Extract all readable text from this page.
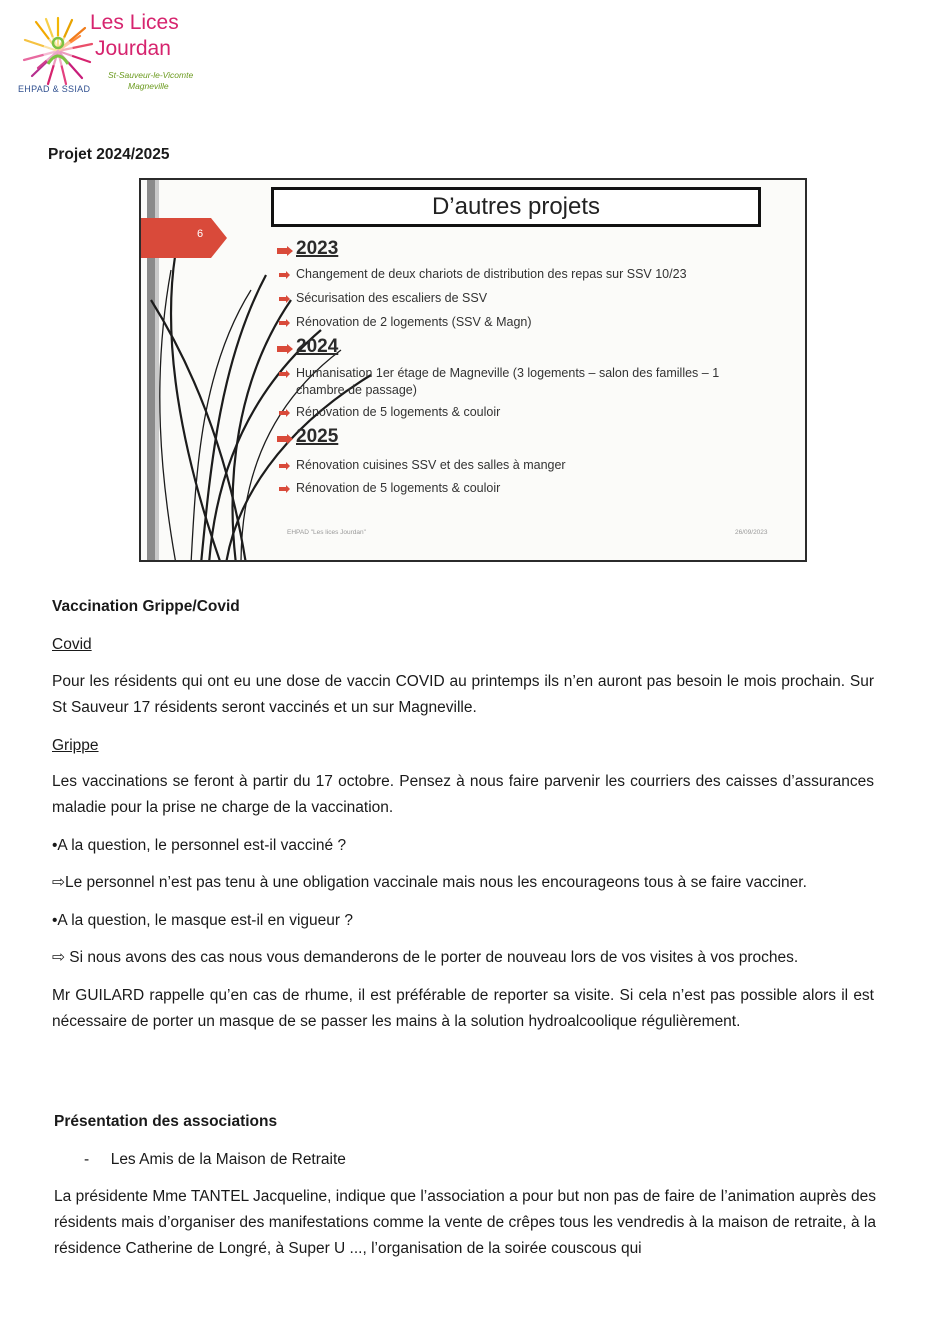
Les Lices
Jourdan
St-Sauveur-le-Vicomte
Magneville
EHPAD & SSIAD
Projet 2024/2025
6
D’autres projets
2023
Changement de deux chariots de distribution des repas sur SSV 10/23
Sécurisation des escaliers de SSV
Rénovation de 2 logements (SSV & Magn)
2024
Humanisation 1er étage de Magneville (3 logements – salon des familles – 1 chambre de passage)
Rénovation de 5 logements & couloir
2025
Rénovation cuisines SSV et des salles à manger
Rénovation de 5 logements & couloir
EHPAD "Les lices Jourdan"	26/09/2023
Vaccination Grippe/Covid
Covid
Pour les résidents qui ont eu une dose de vaccin COVID au printemps ils n’en auront pas besoin le mois prochain. Sur St Sauveur 17 résidents seront vaccinés et un sur Magneville.
Grippe
Les vaccinations se feront à partir du 17 octobre. Pensez à nous faire parvenir les courriers des caisses d’assurances maladie pour la prise ne charge de la vaccination.
•A la question, le personnel est-il vacciné ?
⇨Le personnel n’est pas tenu à une obligation vaccinale mais nous les encourageons tous à se faire vacciner.
•A la question, le masque est-il en vigueur ?
⇨ Si nous avons des cas nous vous demanderons de le porter de nouveau lors de vos visites à vos proches.
Mr GUILARD rappelle qu’en cas de rhume, il est préférable de reporter sa visite. Si cela n’est pas possible alors il est nécessaire de porter un masque de se passer les mains à la solution hydroalcoolique régulièrement.
Présentation des associations
-     Les Amis de la Maison de Retraite
La présidente Mme TANTEL Jacqueline, indique que l’association a pour but non pas de faire de l’animation auprès des résidents mais d’organiser des manifestations comme la vente de crêpes tous les vendredis à la maison de retraite, à la résidence Catherine de Longré, à Super U ..., l’organisation de la soirée couscous qui
